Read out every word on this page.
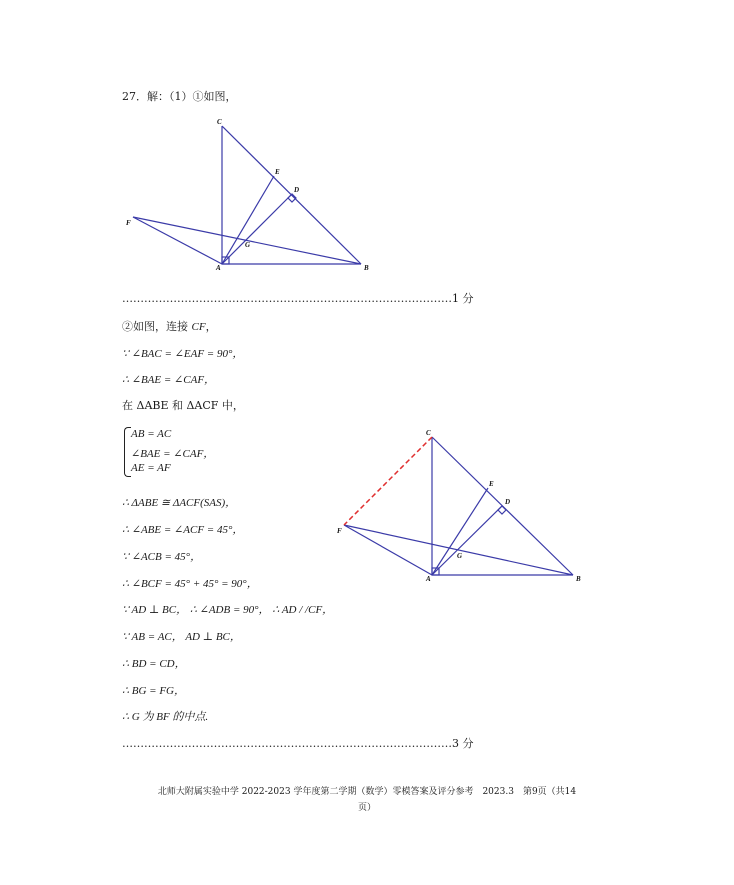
27．解：（1）①如图，
C
E
D
F
G
A	B
………………………………………………………………………………1 分
②如图，连接 CF，
∵ ∠BAC = ∠EAF = 90°，
∴ ∠BAE = ∠CAF，
在 ΔABE 和 ΔACF 中，
AB = AC
∠BAE = ∠CAF，
AE = AF
∴ ΔABE ≅ ΔACF(SAS)，
∴ ∠ABE = ∠ACF = 45°，
∵ ∠ACB = 45°，
∴ ∠BCF = 45° + 45° = 90°，
∵ AD ⊥ BC， ∴ ∠ADB = 90°， ∴ AD / /CF，
∵ AB = AC， AD ⊥ BC，
∴ BD = CD，
∴ BG = FG，
∴ G 为 BF 的中点.
C
E
D
F
G
A	B
………………………………………………………………………………3 分
北师大附属实验中学 2022-2023 学年度第二学期（数学）零模答案及评分参考　2023.3　第9页（共14
页）
